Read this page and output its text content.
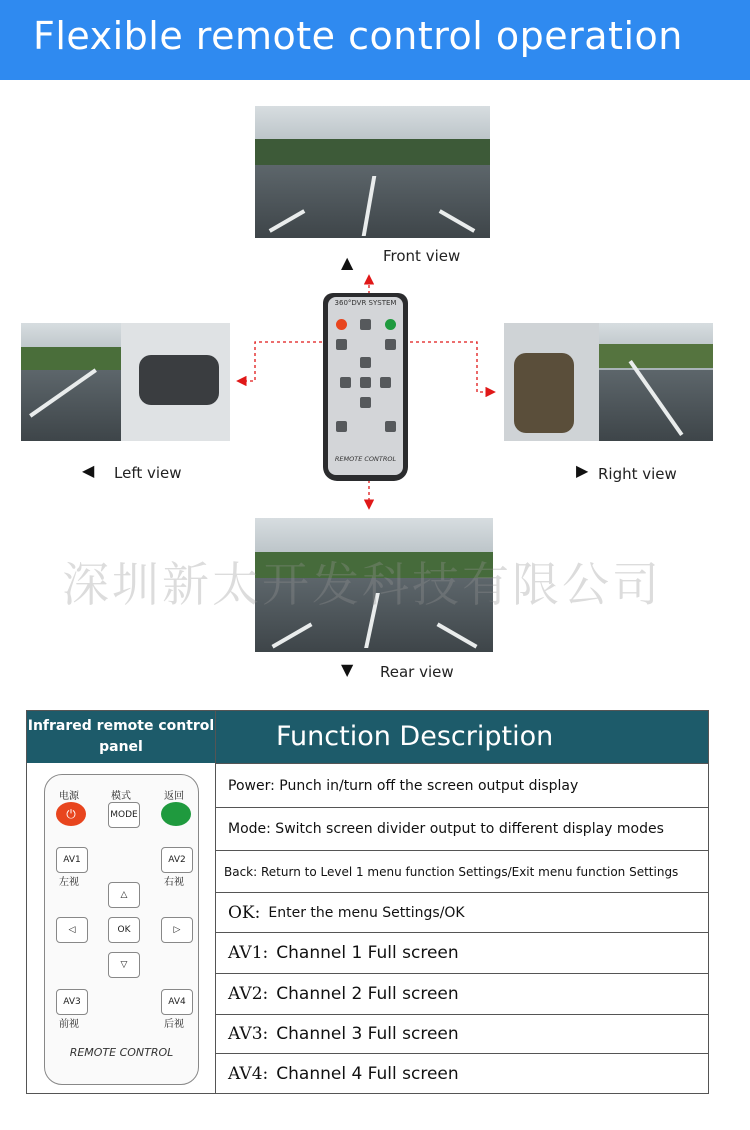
Flexible remote control operation
▲ Front view
◀ Left view	▶ Right view
▼ Rear view
360°DVR SYSTEM
REMOTE CONTROL
深圳新太开发科技有限公司
Infrared remote control panel	Function Description
电源	模式	返回
⏻	MODE
AV1
左视
AV2
右视
△
◁	OK	▷
▽
AV3
前视
AV4
后视
REMOTE CONTROL
Power: Punch in/turn off the screen output display
Mode: Switch screen divider output to different display modes
Back: Return to Level 1 menu function Settings/Exit menu function Settings
OK: Enter the menu Settings/OK
AV1: Channel 1 Full screen
AV2: Channel 2 Full screen
AV3: Channel 3 Full screen
AV4: Channel 4 Full screen
